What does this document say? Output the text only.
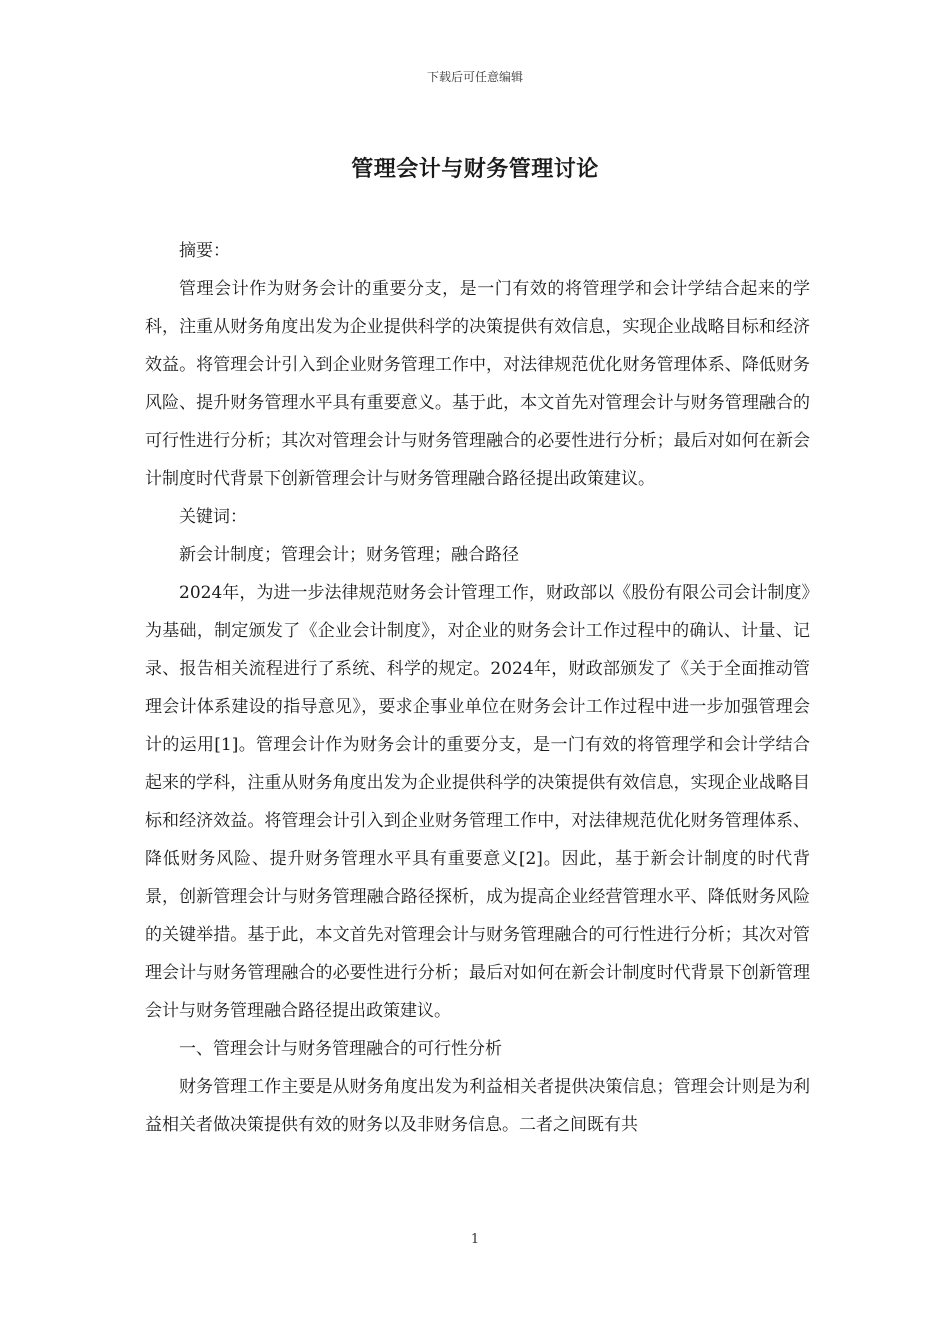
下载后可任意编辑
管理会计与财务管理讨论

摘要：

管理会计作为财务会计的重要分支，是一门有效的将管理学和会计学结合起来的学科，注重从财务角度出发为企业提供科学的决策提供有效信息，实现企业战略目标和经济效益。将管理会计引入到企业财务管理工作中，对法律规范优化财务管理体系、降低财务风险、提升财务管理水平具有重要意义。基于此，本文首先对管理会计与财务管理融合的可行性进行分析；其次对管理会计与财务管理融合的必要性进行分析；最后对如何在新会计制度时代背景下创新管理会计与财务管理融合路径提出政策建议。

关键词：

新会计制度；管理会计；财务管理；融合路径

2024年，为进一步法律规范财务会计管理工作，财政部以《股份有限公司会计制度》为基础，制定颁发了《企业会计制度》，对企业的财务会计工作过程中的确认、计量、记录、报告相关流程进行了系统、科学的规定。2024年，财政部颁发了《关于全面推动管理会计体系建设的指导意见》，要求企事业单位在财务会计工作过程中进一步加强管理会计的运用[1]。管理会计作为财务会计的重要分支，是一门有效的将管理学和会计学结合起来的学科，注重从财务角度出发为企业提供科学的决策提供有效信息，实现企业战略目标和经济效益。将管理会计引入到企业财务管理工作中，对法律规范优化财务管理体系、降低财务风险、提升财务管理水平具有重要意义[2]。因此，基于新会计制度的时代背景，创新管理会计与财务管理融合路径探析，成为提高企业经营管理水平、降低财务风险的关键举措。基于此，本文首先对管理会计与财务管理融合的可行性进行分析；其次对管理会计与财务管理融合的必要性进行分析；最后对如何在新会计制度时代背景下创新管理会计与财务管理融合路径提出政策建议。

一、管理会计与财务管理融合的可行性分析

财务管理工作主要是从财务角度出发为利益相关者提供决策信息；管理会计则是为利益相关者做决策提供有效的财务以及非财务信息。二者之间既有共

1
